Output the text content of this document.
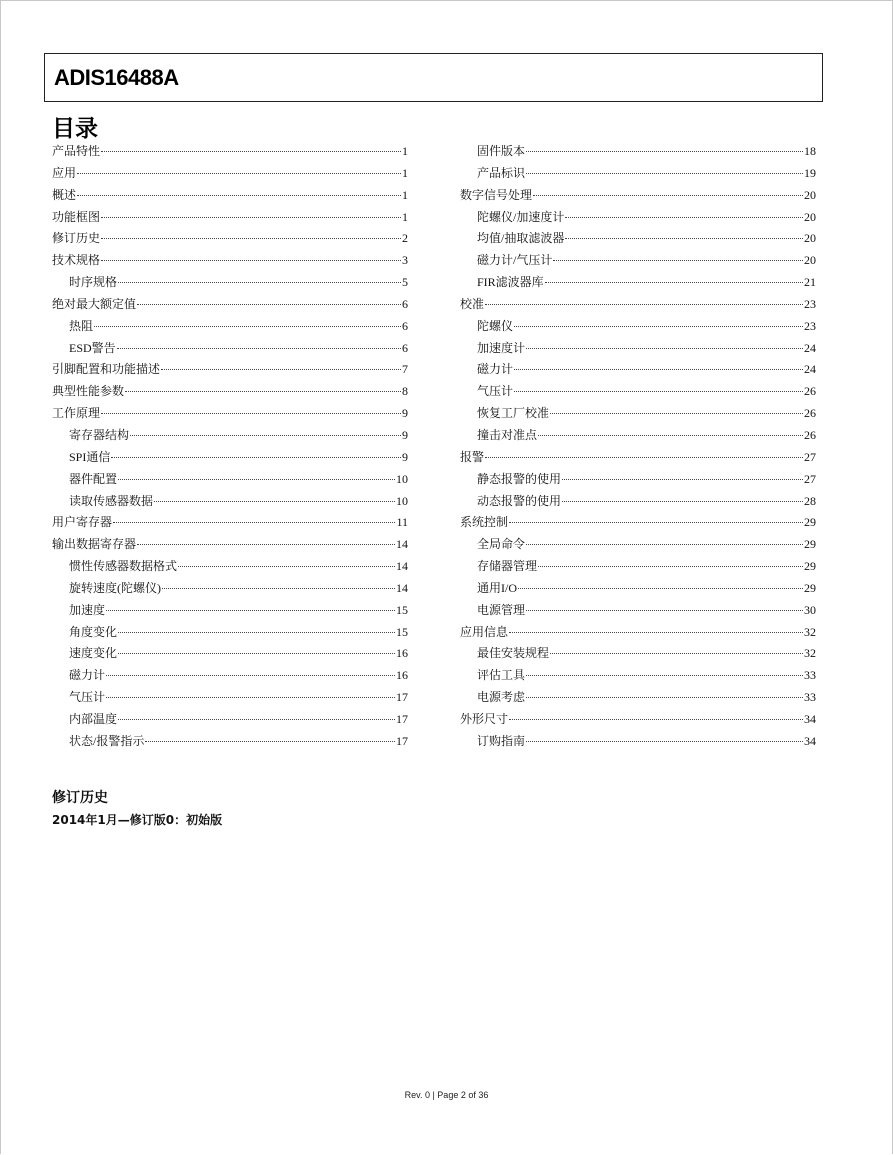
ADIS16488A
目录
产品特性	1
应用	1
概述	1
功能框图	1
修订历史	2
技术规格	3
时序规格	5
绝对最大额定值	6
热阻	6
ESD警告	6
引脚配置和功能描述	7
典型性能参数	8
工作原理	9
寄存器结构	9
SPI通信	9
器件配置	10
读取传感器数据	10
用户寄存器	11
输出数据寄存器	14
惯性传感器数据格式	14
旋转速度(陀螺仪)	14
加速度	15
角度变化	15
速度变化	16
磁力计	16
气压计	17
内部温度	17
状态/报警指示	17
固件版本	18
产品标识	19
数字信号处理	20
陀螺仪/加速度计	20
均值/抽取滤波器	20
磁力计/气压计	20
FIR滤波器库	21
校准	23
陀螺仪	23
加速度计	24
磁力计	24
气压计	26
恢复工厂校准	26
撞击对准点	26
报警	27
静态报警的使用	27
动态报警的使用	28
系统控制	29
全局命令	29
存储器管理	29
通用I/O	29
电源管理	30
应用信息	32
最佳安装规程	32
评估工具	33
电源考虑	33
外形尺寸	34
订购指南	34
修订历史
2014年1月—修订版0：初始版
Rev. 0 | Page 2 of 36
